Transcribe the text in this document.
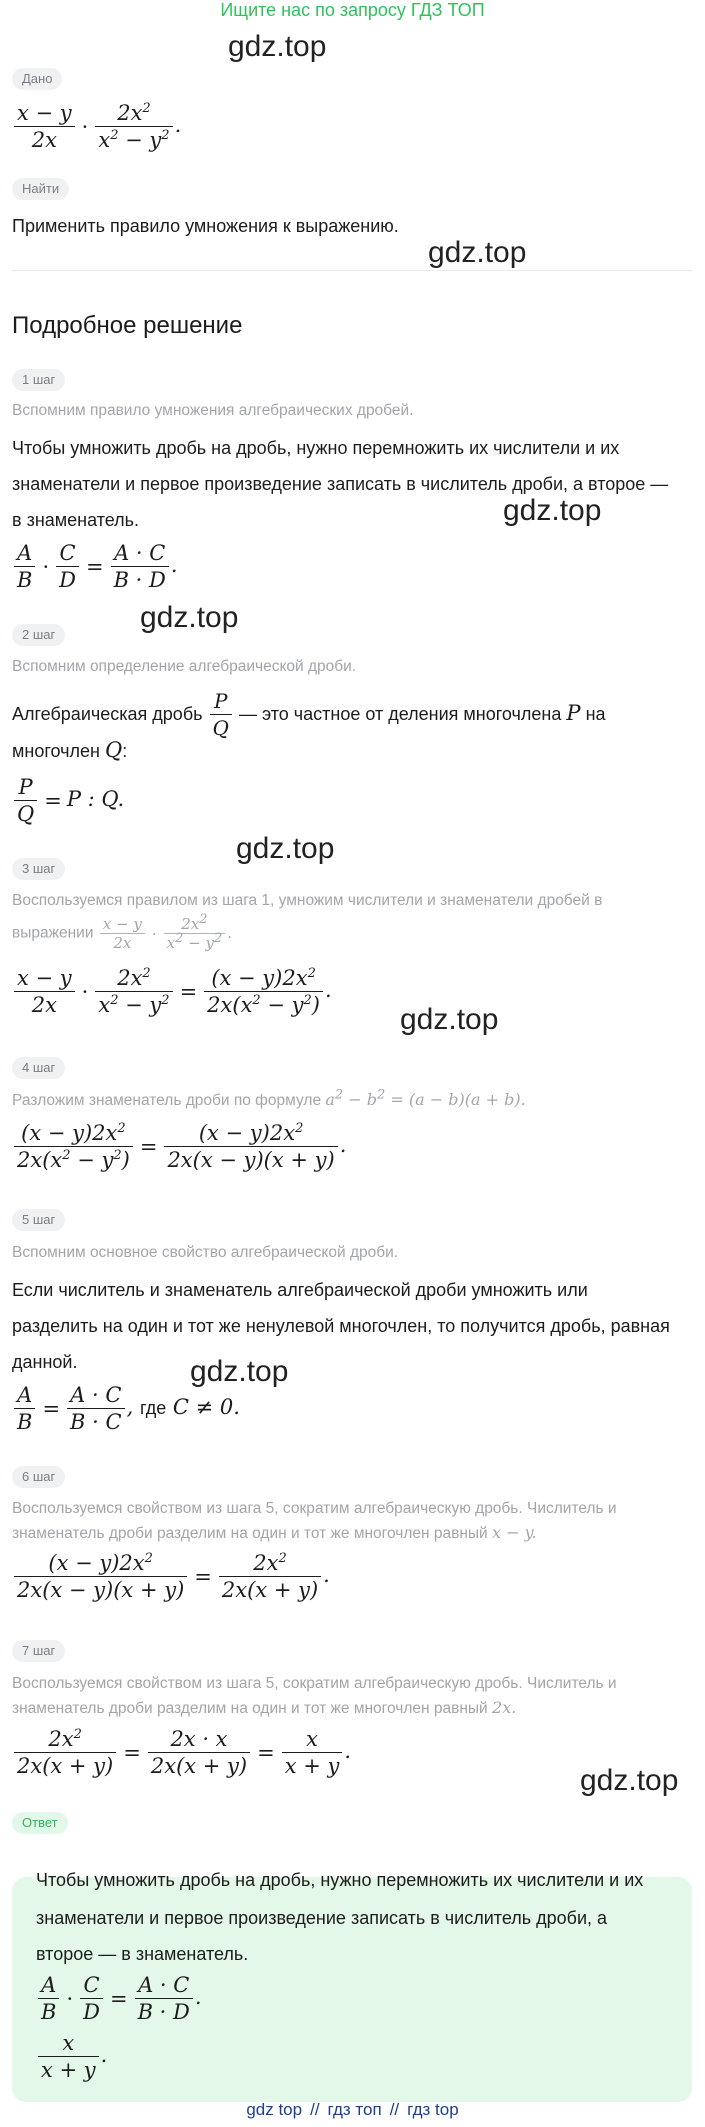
Ищите нас по запросу ГДЗ ТОП
gdz.top
gdz.top
gdz.top
gdz.top
gdz.top
gdz.top
gdz.top
gdz.top
Дано
$\frac{x - y}{2x} \cdot \frac{2x^2}{x^2 - y^2}$ .
Найти
Применить правило умножения к выражению.
Подробное решение
1 шаг
Вспомним правило умножения алгебраических дробей.
Чтобы умножить дробь на дробь, нужно перемножить их числители и их
знаменатели и первое произведение записать в числитель дроби, а второе —
в знаменатель.
$\frac{A}{B} \cdot \frac{C}{D} = \frac{A \cdot C}{B \cdot D}$ .
2 шаг
Вспомним определение алгебраической дроби.
Алгебраическая дробь $\frac{P}{Q}$ — это частное от деления многочлена P на
многочлен Q:
$\frac{P}{Q} = P$ : Q.
3 шаг
Воспользуемся правилом из шага 1, умножим числители и знаменатели дробей в
выражении $\frac{x - y}{2x} \cdot \frac{2x^2}{x^2 - y^2}$ .
$\frac{x - y}{2x} \cdot \frac{2x^2}{x^2 - y^2} = \frac{(x - y)2x^2}{2x(x^2 - y^2)}$ .
4 шаг
Разложим знаменатель дроби по формуле $a^2 - b^2 = (a - b)(a + b)$.
$\frac{(x - y)2x^2}{2x(x^2 - y^2)} = \frac{(x - y)2x^2}{2x(x - y)(x + y)}$ .
5 шаг
Вспомним основное свойство алгебраической дроби.
Если числитель и знаменатель алгебраической дроби умножить или
разделить на один и тот же ненулевой многочлен, то получится дробь, равная
данной.
$\frac{A}{B} = \frac{A \cdot C}{B \cdot C}$ , где C ≠ 0.
6 шаг
Воспользуемся свойством из шага 5, сократим алгебраическую дробь. Числитель и
знаменатель дроби разделим на один и тот же многочлен равный x − y.
$\frac{(x - y)2x^2}{2x(x - y)(x + y)} = \frac{2x^2}{2x(x + y)}$ .
7 шаг
Воспользуемся свойством из шага 5, сократим алгебраическую дробь. Числитель и
знаменатель дроби разделим на один и тот же многочлен равный 2x.
$\frac{2x^2}{2x(x + y)} = \frac{2x \cdot x}{2x(x + y)} = \frac{x}{x + y}$ .
Ответ
Чтобы умножить дробь на дробь, нужно перемножить их числители и их
знаменатели и первое произведение записать в числитель дроби, а
второе — в знаменатель.
$\frac{A}{B} \cdot \frac{C}{D} = \frac{A \cdot C}{B \cdot D}$ .
$\frac{x}{x + y}$ .
gdz top // гдз топ // гдз top
